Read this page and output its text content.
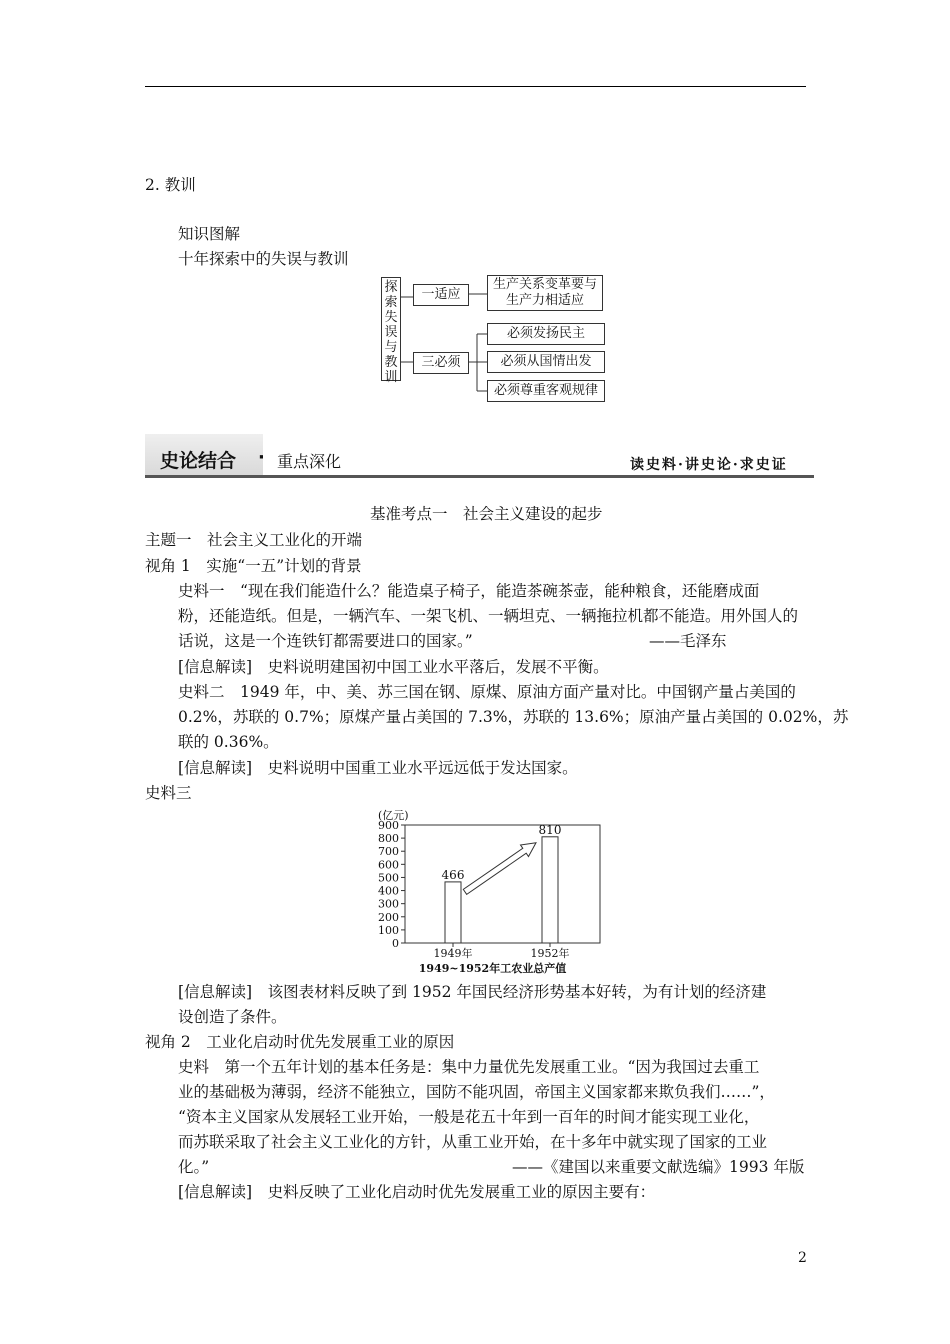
2. 教训
知识图解
十年探索中的失误与教训
探索失误与教训
一适应
生产关系变革要与生产力相适应
三必须
必须发扬民主
必须从国情出发
必须尊重客观规律
史论结合 · 重点深化	读史料·讲史论·求史证
基准考点一　社会主义建设的起步
主题一　社会主义工业化的开端
视角 1　实施“一五”计划的背景
史料一　“现在我们能造什么？能造桌子椅子，能造茶碗茶壶，能种粮食，还能磨成面
粉，还能造纸。但是，一辆汽车、一架飞机、一辆坦克、一辆拖拉机都不能造。用外国人的
话说，这是一个连铁钉都需要进口的国家。”	——毛泽东
[信息解读]　史料说明建国初中国工业水平落后，发展不平衡。
史料二　1949 年，中、美、苏三国在钢、原煤、原油方面产量对比。中国钢产量占美国的
0.2%，苏联的 0.7%；原煤产量占美国的 7.3%，苏联的 13.6%；原油产量占美国的 0.02%，苏
联的 0.36%。
[信息解读]　史料说明中国重工业水平远远低于发达国家。
史料三
(亿元)
0
100
200
300
400
500
600
700
800
900
466
1949年
810
1952年
1949~1952年工农业总产值
[信息解读]　该图表材料反映了到 1952 年国民经济形势基本好转，为有计划的经济建
设创造了条件。
视角 2　工业化启动时优先发展重工业的原因
史料　第一个五年计划的基本任务是：集中力量优先发展重工业。“因为我国过去重工
业的基础极为薄弱，经济不能独立，国防不能巩固，帝国主义国家都来欺负我们……”，
“资本主义国家从发展轻工业开始，一般是花五十年到一百年的时间才能实现工业化，
而苏联采取了社会主义工业化的方针，从重工业开始，在十多年中就实现了国家的工业
化。”	——《建国以来重要文献选编》1993 年版
[信息解读]　史料反映了工业化启动时优先发展重工业的原因主要有：
2
